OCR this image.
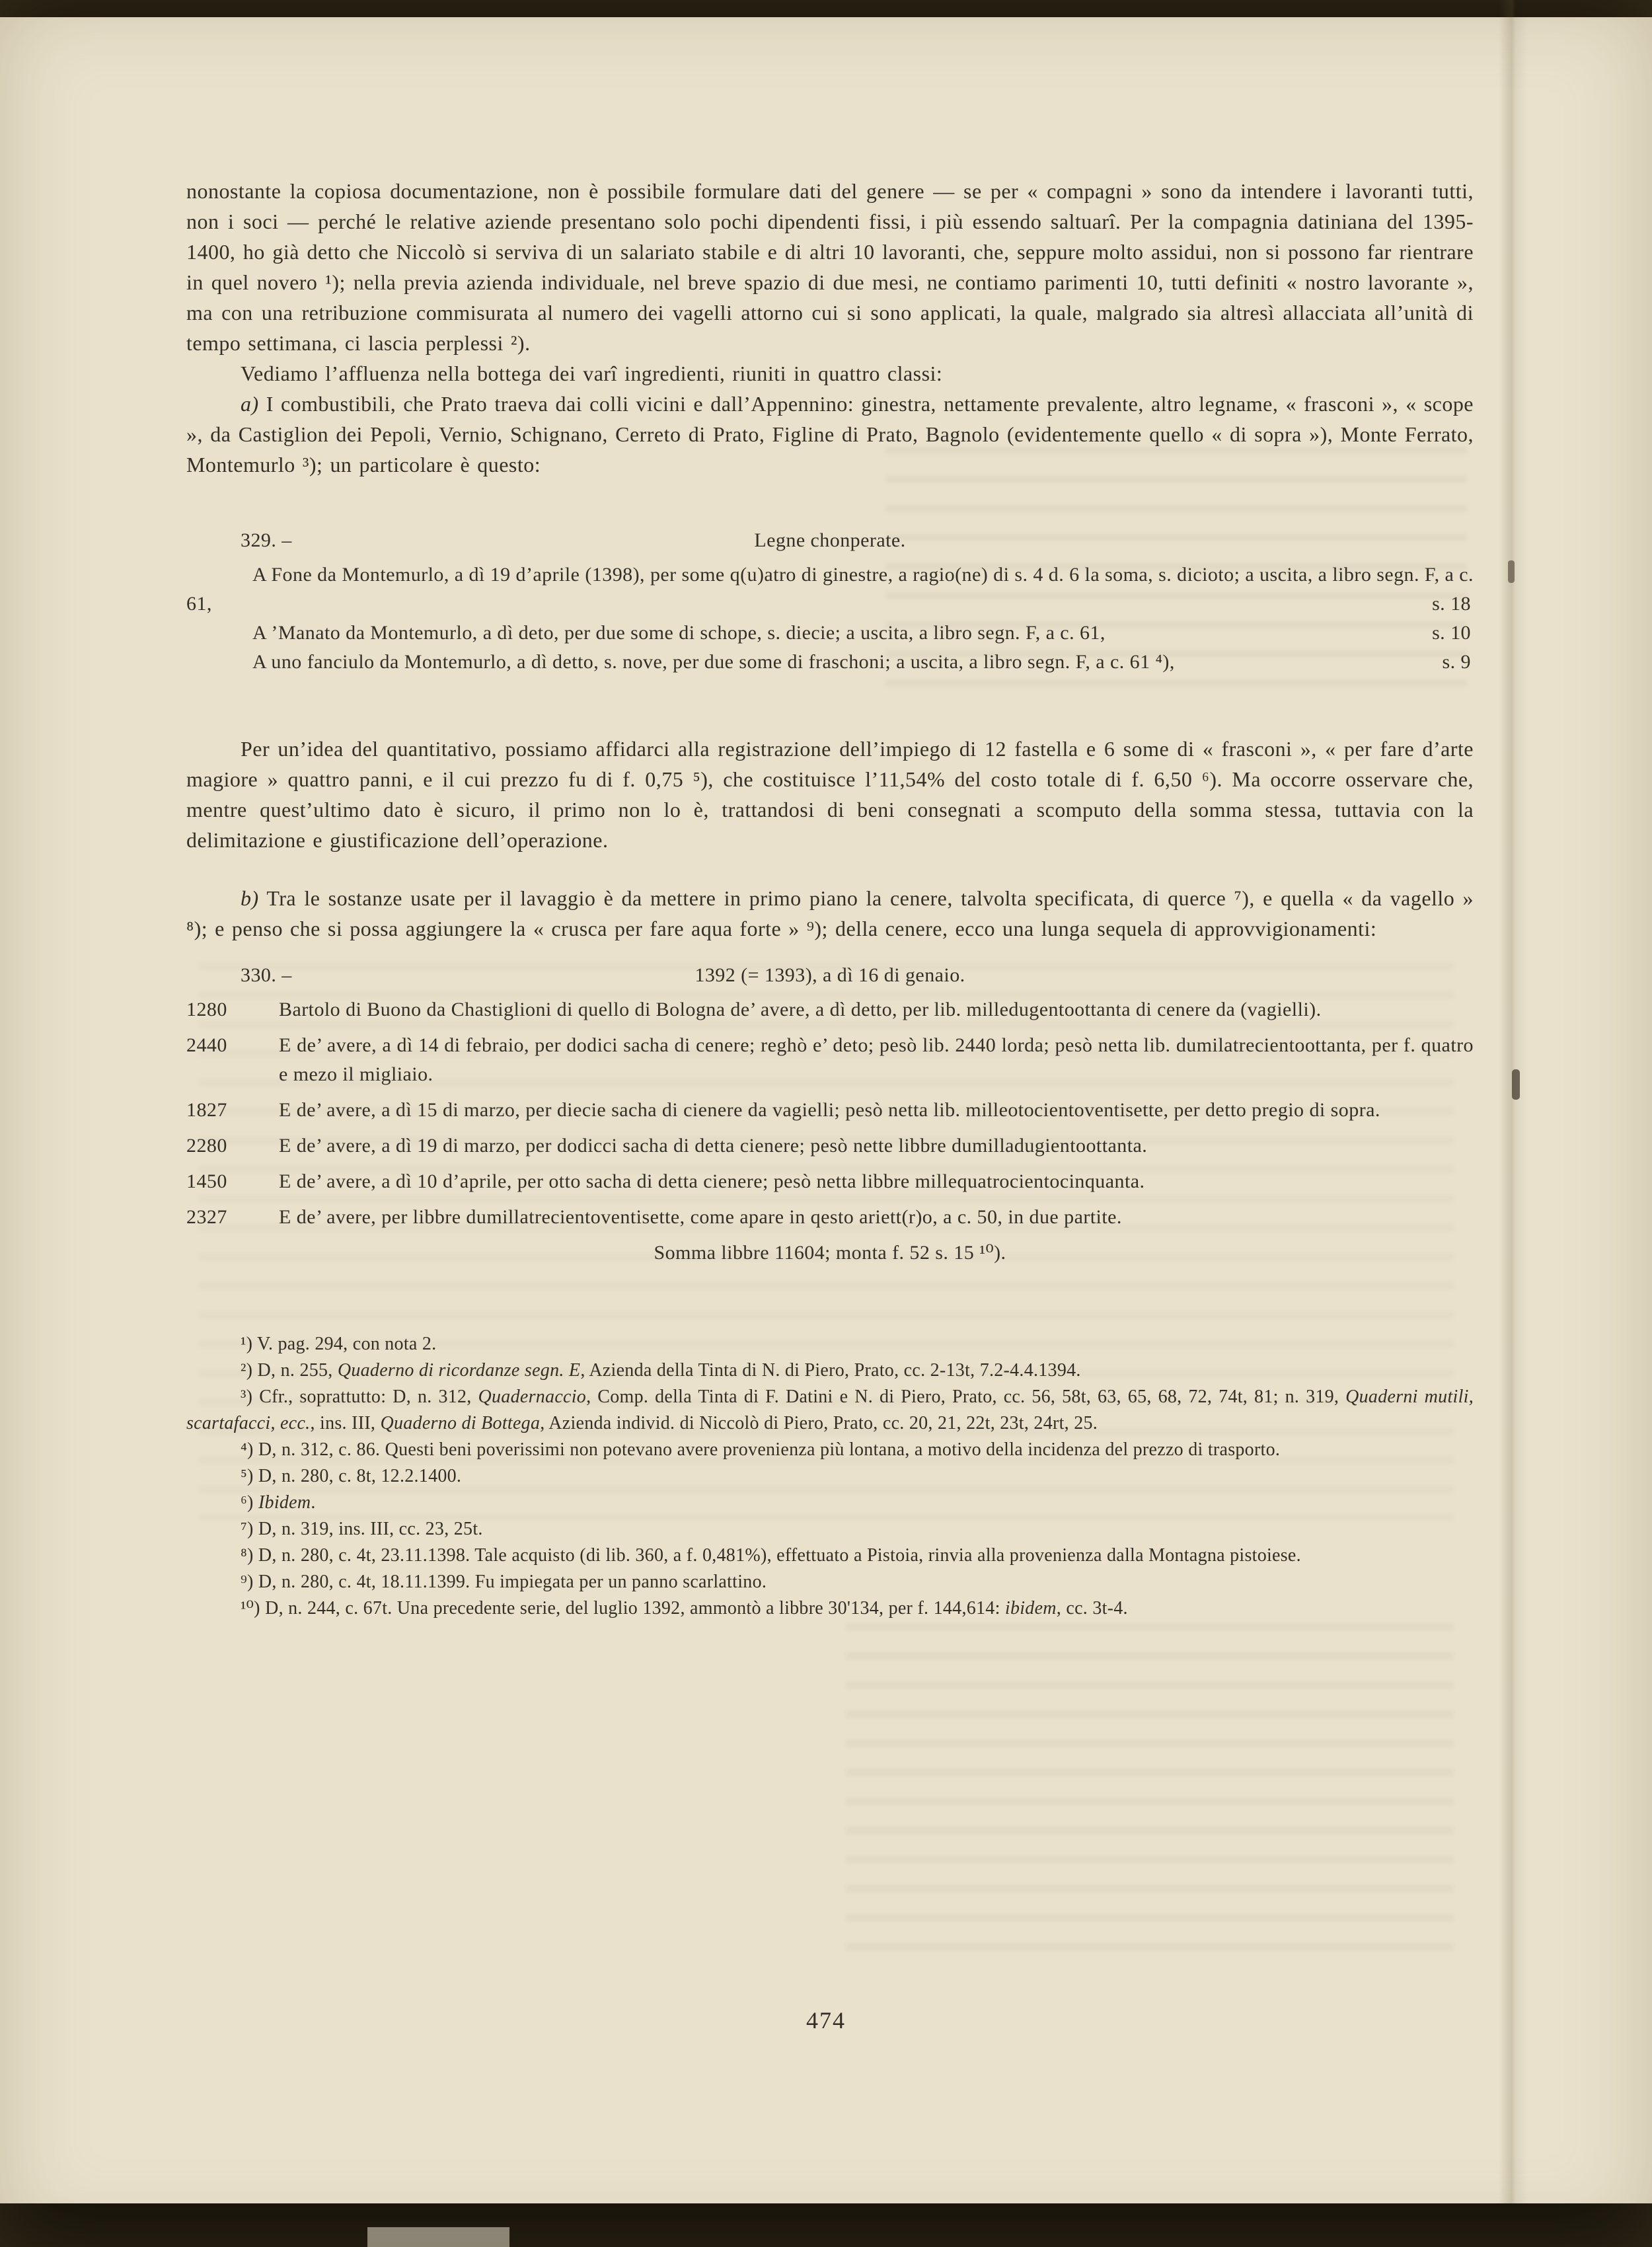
nonostante la copiosa documentazione, non è possibile formulare dati del genere — se per « compagni » sono da intendere i lavoranti tutti, non i soci — perché le relative aziende presentano solo pochi dipendenti fissi, i più essendo saltuarî. Per la compagnia datiniana del 1395-1400, ho già detto che Niccolò si serviva di un salariato stabile e di altri 10 lavoranti, che, seppure molto assidui, non si possono far rientrare in quel novero ¹); nella previa azienda individuale, nel breve spazio di due mesi, ne contiamo parimenti 10, tutti definiti « nostro lavorante », ma con una retribuzione commisurata al numero dei vagelli attorno cui si sono applicati, la quale, malgrado sia altresì allacciata all’unità di tempo settimana, ci lascia perplessi ²).

Vediamo l’affluenza nella bottega dei varî ingredienti, riuniti in quattro classi:

a) I combustibili, che Prato traeva dai colli vicini e dall’Appennino: ginestra, nettamente prevalente, altro legname, « frasconi », « scope », da Castiglion dei Pepoli, Vernio, Schignano, Cerreto di Prato, Figline di Prato, Bagnolo (evidentemente quello « di sopra »), Monte Ferrato, Montemurlo ³); un particolare è questo:

329. –	Legne chonperate.

A Fone da Montemurlo, a dì 19 d’aprile (1398), per some q(u)atro di ginestre, a ragio(ne) di s. 4 d. 6 la soma, s. dicioto; a uscita, a libro segn. F, a c. 61,	s. 18

A ’Manato da Montemurlo, a dì deto, per due some di schope, s. diecie; a uscita, a libro segn. F, a c. 61,	s. 10

A uno fanciulo da Montemurlo, a dì detto, s. nove, per due some di fraschoni; a uscita, a libro segn. F, a c. 61 ⁴),	s. 9

Per un’idea del quantitativo, possiamo affidarci alla registrazione dell’impiego di 12 fastella e 6 some di « frasconi », « per fare d’arte magiore » quattro panni, e il cui prezzo fu di f. 0,75 ⁵), che costituisce l’11,54% del costo totale di f. 6,50 ⁶). Ma occorre osservare che, mentre quest’ultimo dato è sicuro, il primo non lo è, trattandosi di beni consegnati a scomputo della somma stessa, tuttavia con la delimitazione e giustificazione dell’operazione.

b) Tra le sostanze usate per il lavaggio è da mettere in primo piano la cenere, talvolta specificata, di querce ⁷), e quella « da vagello » ⁸); e penso che si possa aggiungere la « crusca per fare aqua forte » ⁹); della cenere, ecco una lunga sequela di approvvigionamenti:

330. –	1392 (= 1393), a dì 16 di genaio.
1280	Bartolo di Buono da Chastiglioni di quello di Bologna de’ avere, a dì detto, per lib. milledugentoottanta di cenere da (vagielli).

2440	E de’ avere, a dì 14 di febraio, per dodici sacha di cenere; reghò e’ deto; pesò lib. 2440 lorda; pesò netta lib. dumilatrecientoottanta, per f. quatro e mezo il migliaio.

1827	E de’ avere, a dì 15 di marzo, per diecie sacha di cienere da vagielli; pesò netta lib. milleotocientoventisette, per detto pregio di sopra.

2280	E de’ avere, a dì 19 di marzo, per dodicci sacha di detta cienere; pesò nette libbre dumilladugientoottanta.

1450	E de’ avere, a dì 10 d’aprile, per otto sacha di detta cienere; pesò netta libbre millequatrocientocinquanta.

2327	E de’ avere, per libbre dumillatrecientoventisette, come apare in qesto ariett(r)o, a c. 50, in due partite.

Somma libbre 11604; monta f. 52 s. 15 ¹⁰).

¹) V. pag. 294, con nota 2.

²) D, n. 255, Quaderno di ricordanze segn. E, Azienda della Tinta di N. di Piero, Prato, cc. 2-13t, 7.2-4.4.1394.

³) Cfr., soprattutto: D, n. 312, Quadernaccio, Comp. della Tinta di F. Datini e N. di Piero, Prato, cc. 56, 58t, 63, 65, 68, 72, 74t, 81; n. 319, Quaderni mutili, scartafacci, ecc., ins. III, Quaderno di Bottega, Azienda individ. di Niccolò di Piero, Prato, cc. 20, 21, 22t, 23t, 24rt, 25.

⁴) D, n. 312, c. 86. Questi beni poverissimi non potevano avere provenienza più lontana, a motivo della incidenza del prezzo di trasporto.

⁵) D, n. 280, c. 8t, 12.2.1400.

⁶) Ibidem.

⁷) D, n. 319, ins. III, cc. 23, 25t.

⁸) D, n. 280, c. 4t, 23.11.1398. Tale acquisto (di lib. 360, a f. 0,481%), effettuato a Pistoia, rinvia alla provenienza dalla Montagna pistoiese.

⁹) D, n. 280, c. 4t, 18.11.1399. Fu impiegata per un panno scarlattino.

¹⁰) D, n. 244, c. 67t. Una precedente serie, del luglio 1392, ammontò a libbre 30'134, per f. 144,614: ibidem, cc. 3t-4.

474
